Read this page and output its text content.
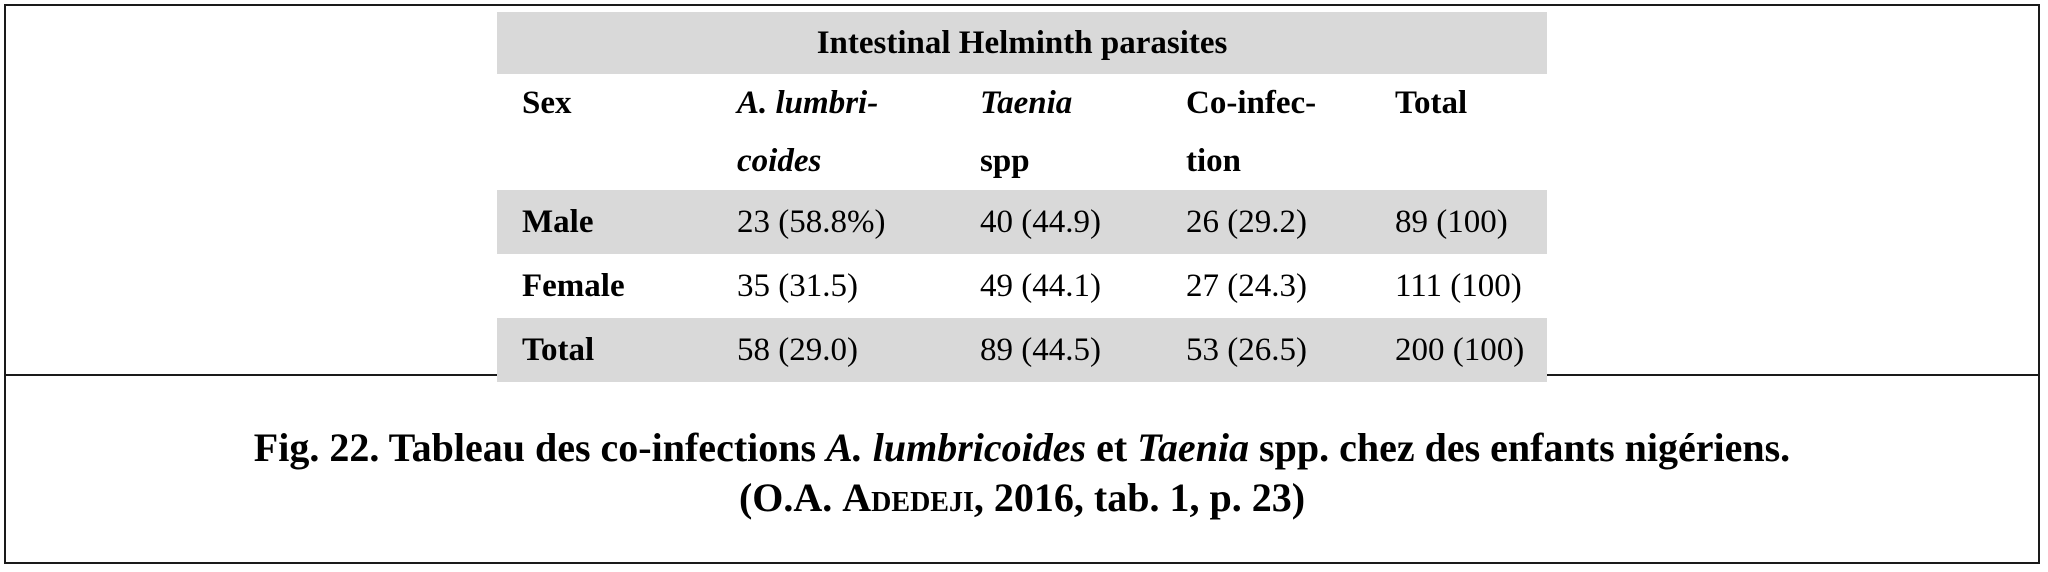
Intestinal Helminth parasites				
Sex	A. lumbri-	Taenia	Co-infec-	Total
	coides	spp	tion	
Male	23 (58.8%)	40 (44.9)	26 (29.2)	89 (100)
Female	35 (31.5)	49 (44.1)	27 (24.3)	111 (100)
Total	58 (29.0)	89 (44.5)	53 (26.5)	200 (100)
Fig. 22. Tableau des co-infections A. lumbricoides et Taenia spp. chez des enfants nigériens.
(O.A. Adedeji, 2016, tab. 1, p. 23)
